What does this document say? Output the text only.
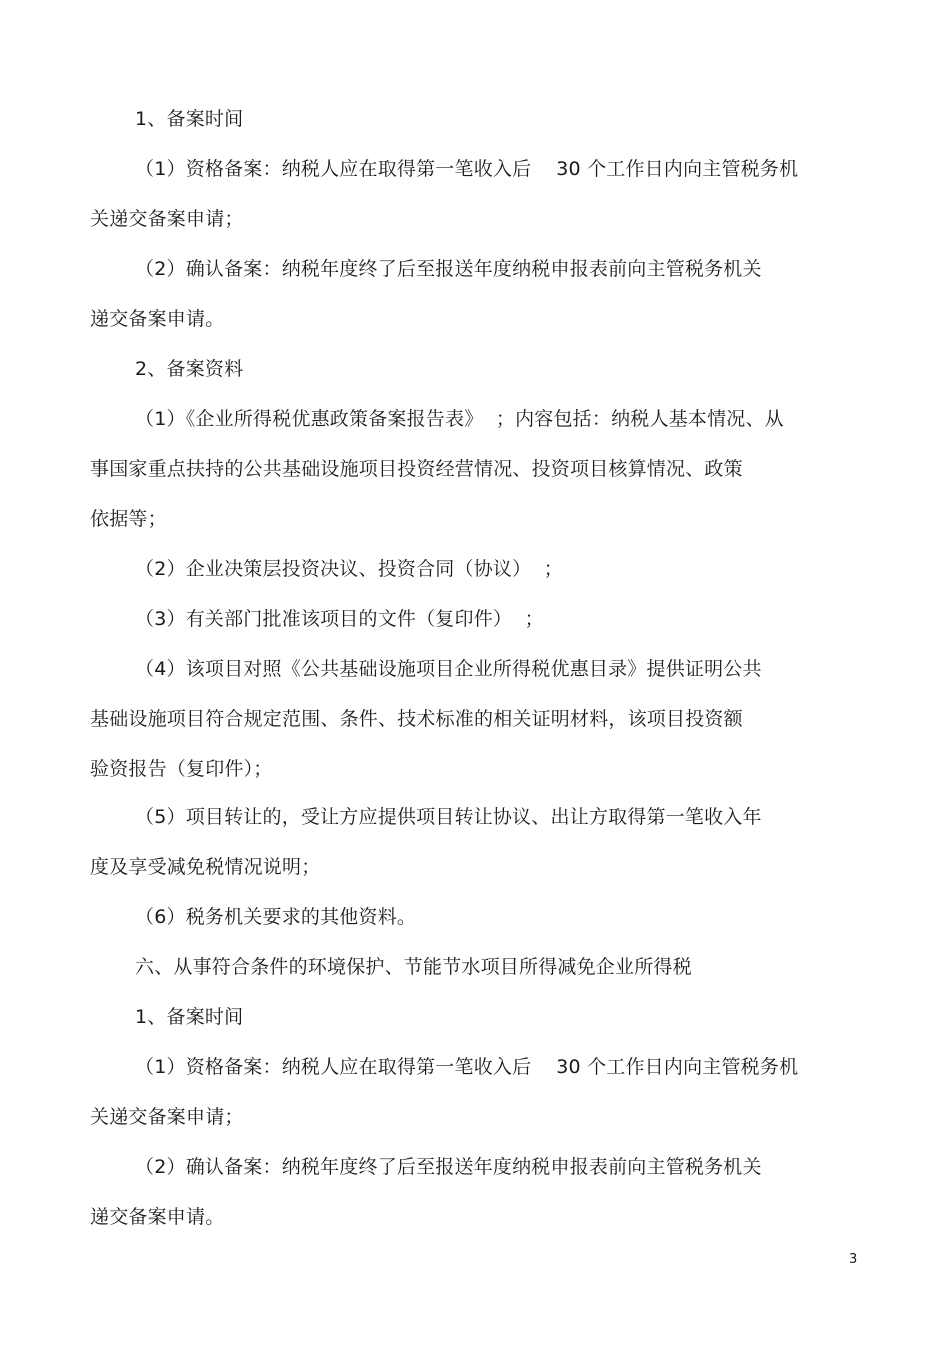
1、备案时间
（1）资格备案：纳税人应在取得第一笔收入后    30 个工作日内向主管税务机
关递交备案申请；
（2）确认备案：纳税年度终了后至报送年度纳税申报表前向主管税务机关
递交备案申请。
2、备案资料
（1）《企业所得税优惠政策备案报告表》  ；内容包括：纳税人基本情况、从
事国家重点扶持的公共基础设施项目投资经营情况、投资项目核算情况、政策
依据等；
（2）企业决策层投资决议、投资合同（协议）  ；
（3）有关部门批准该项目的文件（复印件）  ；
（4）该项目对照《公共基础设施项目企业所得税优惠目录》提供证明公共
基础设施项目符合规定范围、条件、技术标准的相关证明材料，该项目投资额
验资报告（复印件）；
（5）项目转让的，受让方应提供项目转让协议、出让方取得第一笔收入年
度及享受减免税情况说明；
（6）税务机关要求的其他资料。
六、从事符合条件的环境保护、节能节水项目所得减免企业所得税
1、备案时间
（1）资格备案：纳税人应在取得第一笔收入后    30 个工作日内向主管税务机
关递交备案申请；
（2）确认备案：纳税年度终了后至报送年度纳税申报表前向主管税务机关
递交备案申请。
3
